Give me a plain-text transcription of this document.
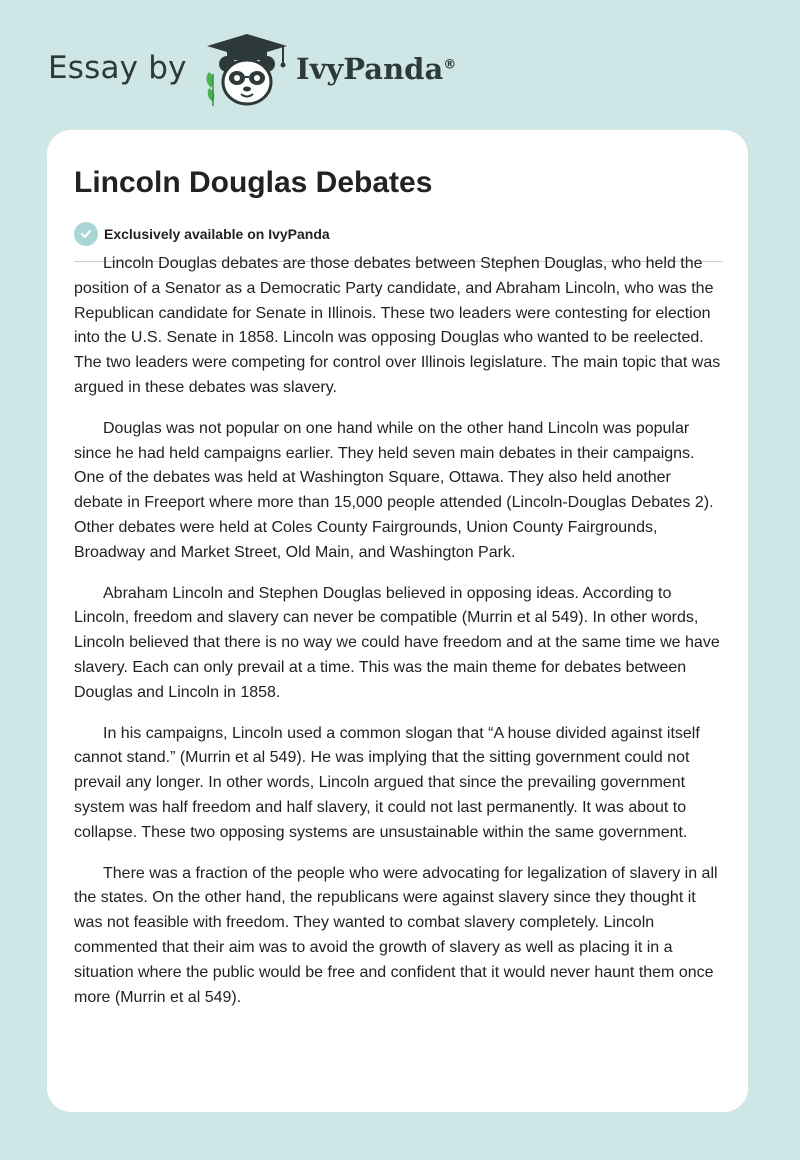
Essay by	IvyPanda®
Lincoln Douglas Debates
Exclusively available on IvyPanda

Lincoln Douglas debates are those debates between Stephen Douglas, who held the position of a Senator as a Democratic Party candidate, and Abraham Lincoln, who was the Republican candidate for Senate in Illinois. These two leaders were contesting for election into the U.S. Senate in 1858. Lincoln was opposing Douglas who wanted to be reelected. The two leaders were competing for control over Illinois legislature. The main topic that was argued in these debates was slavery.

Douglas was not popular on one hand while on the other hand Lincoln was popular since he had held campaigns earlier. They held seven main debates in their campaigns. One of the debates was held at Washington Square, Ottawa. They also held another debate in Freeport where more than 15,000 people attended (Lincoln-Douglas Debates 2). Other debates were held at Coles County Fairgrounds, Union County Fairgrounds, Broadway and Market Street, Old Main, and Washington Park.

Abraham Lincoln and Stephen Douglas believed in opposing ideas. According to Lincoln, freedom and slavery can never be compatible (Murrin et al 549). In other words, Lincoln believed that there is no way we could have freedom and at the same time we have slavery. Each can only prevail at a time. This was the main theme for debates between Douglas and Lincoln in 1858.

In his campaigns, Lincoln used a common slogan that “A house divided against itself cannot stand.” (Murrin et al 549). He was implying that the sitting government could not prevail any longer. In other words, Lincoln argued that since the prevailing government system was half freedom and half slavery, it could not last permanently. It was about to collapse. These two opposing systems are unsustainable within the same government.

There was a fraction of the people who were advocating for legalization of slavery in all the states. On the other hand, the republicans were against slavery since they thought it was not feasible with freedom. They wanted to combat slavery completely. Lincoln commented that their aim was to avoid the growth of slavery as well as placing it in a situation where the public would be free and confident that it would never haunt them once more (Murrin et al 549).
